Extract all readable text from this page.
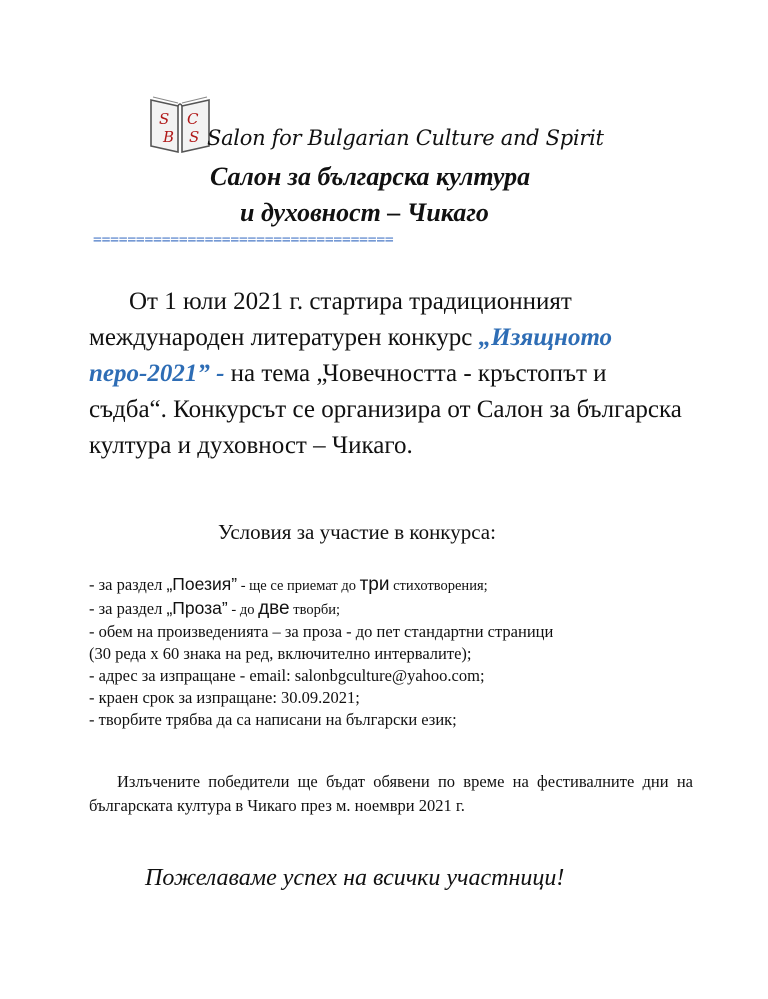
S
B
C
S Salon for Bulgarian Culture and Spirit
Салон за българска култура
и духовност – Чикаго
===================================

От 1 юли 2021 г. стартира традиционният международен литературен конкурс „Изящното перо-2021” - на тема „Човечността - кръстопът и съдба“. Конкурсът се организира от Салон за българска култура и духовност – Чикаго.

Условия за участие в конкурса:
- за раздел „Поезия” - ще се приемат до три стихотворения;
- за раздел „Проза” - до две творби;
- обем на произведенията – за проза - до пет стандартни страници
(30 реда х 60 знака на ред, включително интервалите);
- адрес за изпращане - email: salonbgculture@yahoo.com;
- краен срок за изпращане: 30.09.2021;
- творбите трябва да са написани на български език;

Излъчените победители ще бъдат обявени по време на фестивалните дни на българската култура в Чикаго през м. ноември 2021 г.

Пожелаваме успех на всички участници!
